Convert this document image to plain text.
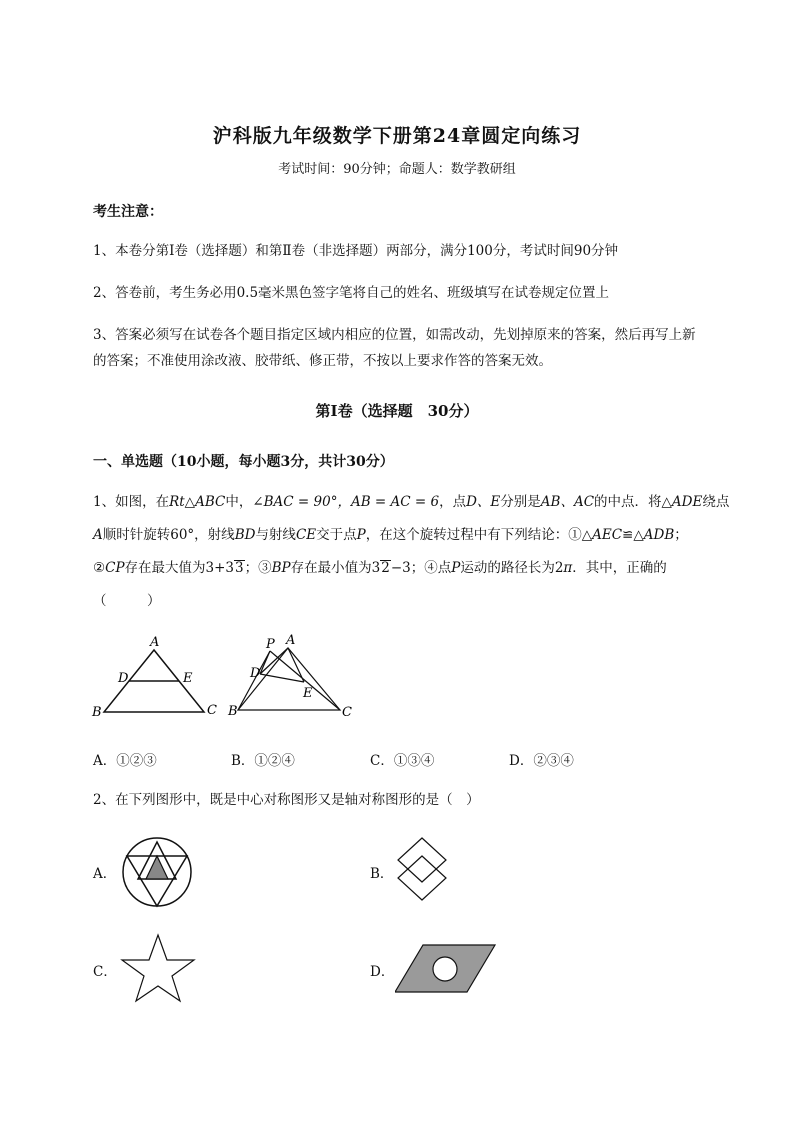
沪科版九年级数学下册第24章圆定向练习
考试时间：90分钟；命题人：数学教研组
考生注意：
1、本卷分第I卷（选择题）和第Ⅱ卷（非选择题）两部分，满分100分，考试时间90分钟
2、答卷前，考生务必用0.5毫米黑色签字笔将自己的姓名、班级填写在试卷规定位置上
3、答案必须写在试卷各个题目指定区域内相应的位置，如需改动，先划掉原来的答案，然后再写上新
的答案；不准使用涂改液、胶带纸、修正带，不按以上要求作答的答案无效。
第I卷（选择题　30分）
一、单选题（10小题，每小题3分，共计30分）
1、如图，在Rt△ABC中，∠BAC = 90°，AB = AC = 6，点D、E分别是AB、AC的中点．将△ADE绕点
A顺时针旋转60°，射线BD与射线CE交于点P，在这个旋转过程中有下列结论：①△AEC≌△ADB；
②CP存在最大值为3+33；③BP存在最小值为32−3；④点P运动的路径长为2π．其中，正确的
（　　　）
A
D	E
B	C
P A
D
E
B	C
A．①②③	B．①②④	C．①③④	D．②③④
2、在下列图形中，既是中心对称图形又是轴对称图形的是（　）
A．	B．
C．	D．
